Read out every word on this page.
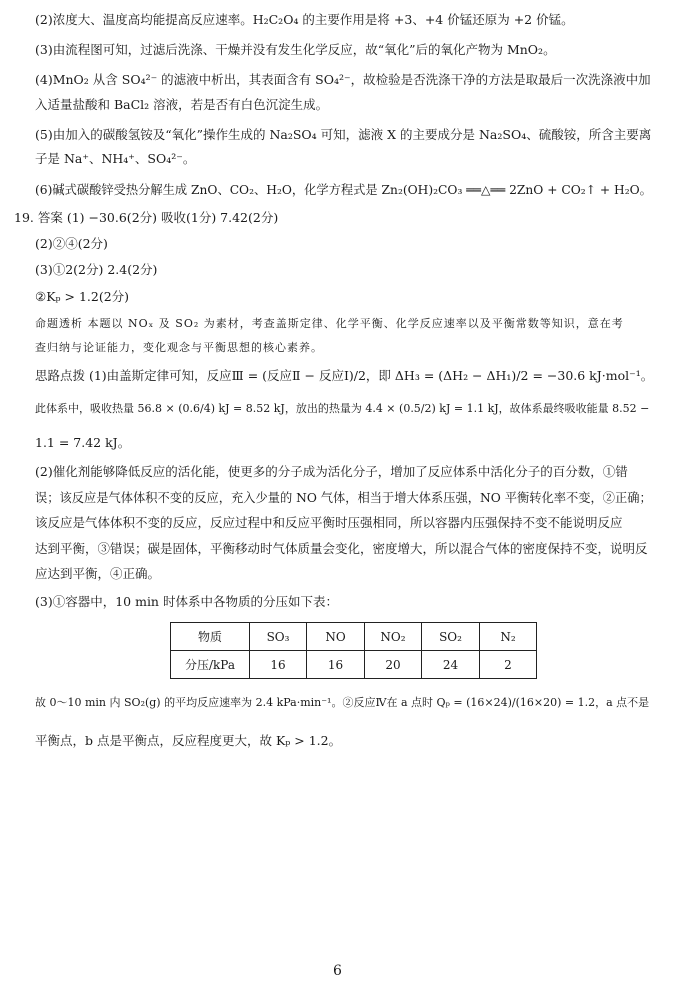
(2)浓度大、温度高均能提高反应速率。H₂C₂O₄ 的主要作用是将 +3、+4 价锰还原为 +2 价锰。
(3)由流程图可知，过滤后洗涤、干燥并没有发生化学反应，故“氧化”后的氧化产物为 MnO₂。
(4)MnO₂ 从含 SO₄²⁻ 的滤液中析出，其表面含有 SO₄²⁻，故检验是否洗涤干净的方法是取最后一次洗涤液中加
入适量盐酸和 BaCl₂ 溶液，若是否有白色沉淀生成。
(5)由加入的碳酸氢铵及“氧化”操作生成的 Na₂SO₄ 可知，滤液 X 的主要成分是 Na₂SO₄、硫酸铵，所含主要离
子是 Na⁺、NH₄⁺、SO₄²⁻。
(6)碱式碳酸锌受热分解生成 ZnO、CO₂、H₂O，化学方程式是 Zn₂(OH)₂CO₃ ══△══ 2ZnO + CO₂↑ + H₂O。
19. 答案 (1) −30.6(2分) 吸收(1分) 7.42(2分)
(2)②④(2分)
(3)①2(2分) 2.4(2分)
②Kₚ > 1.2(2分)
命题透析 本题以 NOₓ 及 SO₂ 为素材，考查盖斯定律、化学平衡、化学反应速率以及平衡常数等知识，意在考
查归纳与论证能力，变化观念与平衡思想的核心素养。
思路点拨 (1)由盖斯定律可知，反应Ⅲ = (反应Ⅱ − 反应Ⅰ)/2，即 ΔH₃ = (ΔH₂ − ΔH₁)/2 = −30.6 kJ·mol⁻¹。
此体系中，吸收热量 56.8 × (0.6/4) kJ = 8.52 kJ，放出的热量为 4.4 × (0.5/2) kJ = 1.1 kJ，故体系最终吸收能量 8.52 −
1.1 = 7.42 kJ。
(2)催化剂能够降低反应的活化能，使更多的分子成为活化分子，增加了反应体系中活化分子的百分数，①错
误；该反应是气体体积不变的反应，充入少量的 NO 气体，相当于增大体系压强，NO 平衡转化率不变，②正确；
该反应是气体体积不变的反应，反应过程中和反应平衡时压强相同，所以容器内压强保持不变不能说明反应
达到平衡，③错误；碳是固体，平衡移动时气体质量会变化，密度增大，所以混合气体的密度保持不变，说明反
应达到平衡，④正确。
(3)①容器中，10 min 时体系中各物质的分压如下表：
物质	SO₃	NO	NO₂	SO₂	N₂
分压/kPa	16	16	20	24	2
故 0～10 min 内 SO₂(g) 的平均反应速率为 2.4 kPa·min⁻¹。②反应Ⅳ在 a 点时 Qₚ = (16×24)/(16×20) = 1.2，a 点不是
平衡点，b 点是平衡点，反应程度更大，故 Kₚ > 1.2。
6
